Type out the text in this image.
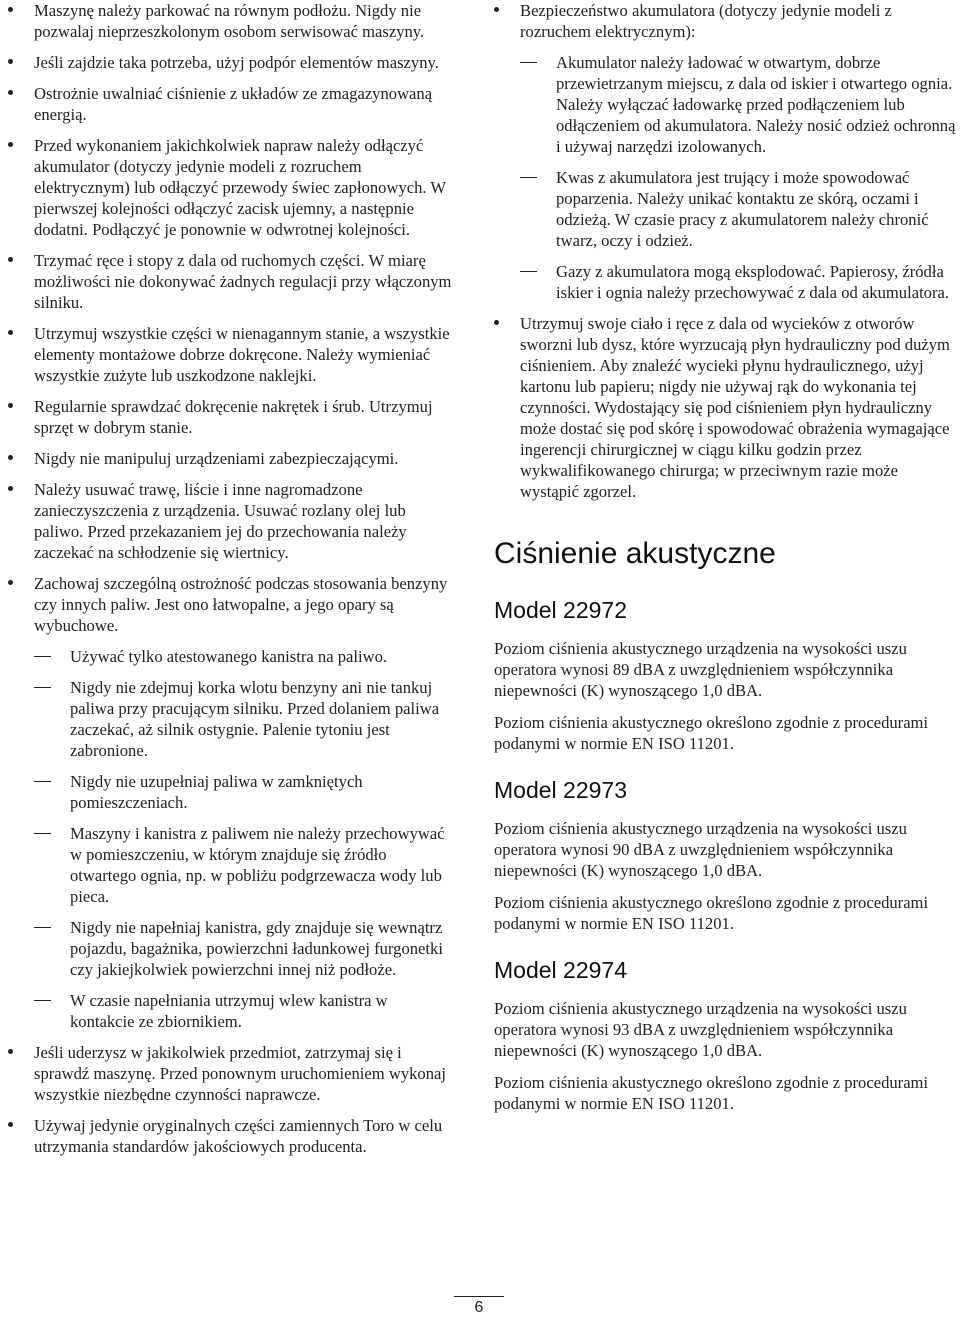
Maszynę należy parkować na równym podłożu. Nigdy nie pozwalaj nieprzeszkolonym osobom serwisować maszyny.
Jeśli zajdzie taka potrzeba, użyj podpór elementów maszyny.
Ostrożnie uwalniać ciśnienie z układów ze zmagazynowaną energią.
Przed wykonaniem jakichkolwiek napraw należy odłączyć akumulator (dotyczy jedynie modeli z rozruchem elektrycznym) lub odłączyć przewody świec zapłonowych. W pierwszej kolejności odłączyć zacisk ujemny, a następnie dodatni. Podłączyć je ponownie w odwrotnej kolejności.
Trzymać ręce i stopy z dala od ruchomych części. W miarę możliwości nie dokonywać żadnych regulacji przy włączonym silniku.
Utrzymuj wszystkie części w nienagannym stanie, a wszystkie elementy montażowe dobrze dokręcone. Należy wymieniać wszystkie zużyte lub uszkodzone naklejki.
Regularnie sprawdzać dokręcenie nakrętek i śrub. Utrzymuj sprzęt w dobrym stanie.
Nigdy nie manipuluj urządzeniami zabezpieczającymi.
Należy usuwać trawę, liście i inne nagromadzone zanieczyszczenia z urządzenia. Usuwać rozlany olej lub paliwo. Przed przekazaniem jej do przechowania należy zaczekać na schłodzenie się wiertnicy.
Zachowaj szczególną ostrożność podczas stosowania benzyny czy innych paliw. Jest ono łatwopalne, a jego opary są wybuchowe.
Używać tylko atestowanego kanistra na paliwo.
Nigdy nie zdejmuj korka wlotu benzyny ani nie tankuj paliwa przy pracującym silniku. Przed dolaniem paliwa zaczekać, aż silnik ostygnie. Palenie tytoniu jest zabronione.
Nigdy nie uzupełniaj paliwa w zamkniętych pomieszczeniach.
Maszyny i kanistra z paliwem nie należy przechowywać w pomieszczeniu, w którym znajduje się źródło otwartego ognia, np. w pobliżu podgrzewacza wody lub pieca.
Nigdy nie napełniaj kanistra, gdy znajduje się wewnątrz pojazdu, bagażnika, powierzchni ładunkowej furgonetki czy jakiejkolwiek powierzchni innej niż podłoże.
W czasie napełniania utrzymuj wlew kanistra w kontakcie ze zbiornikiem.
Jeśli uderzysz w jakikolwiek przedmiot, zatrzymaj się i sprawdź maszynę. Przed ponownym uruchomieniem wykonaj wszystkie niezbędne czynności naprawcze.
Używaj jedynie oryginalnych części zamiennych Toro w celu utrzymania standardów jakościowych producenta.
Bezpieczeństwo akumulatora (dotyczy jedynie modeli z rozruchem elektrycznym):
Akumulator należy ładować w otwartym, dobrze przewietrzanym miejscu, z dala od iskier i otwartego ognia. Należy wyłączać ładowarkę przed podłączeniem lub odłączeniem od akumulatora. Należy nosić odzież ochronną i używaj narzędzi izolowanych.
Kwas z akumulatora jest trujący i może spowodować poparzenia. Należy unikać kontaktu ze skórą, oczami i odzieżą. W czasie pracy z akumulatorem należy chronić twarz, oczy i odzież.
Gazy z akumulatora mogą eksplodować. Papierosy, źródła iskier i ognia należy przechowywać z dala od akumulatora.
Utrzymuj swoje ciało i ręce z dala od wycieków z otworów sworzni lub dysz, które wyrzucają płyn hydrauliczny pod dużym ciśnieniem. Aby znaleźć wycieki płynu hydraulicznego, użyj kartonu lub papieru; nigdy nie używaj rąk do wykonania tej czynności. Wydostający się pod ciśnieniem płyn hydrauliczny może dostać się pod skórę i spowodować obrażenia wymagające ingerencji chirurgicznej w ciągu kilku godzin przez wykwalifikowanego chirurga; w przeciwnym razie może wystąpić zgorzel.
Ciśnienie akustyczne
Model 22972

Poziom ciśnienia akustycznego urządzenia na wysokości uszu operatora wynosi 89 dBA z uwzględnieniem współczynnika niepewności (K) wynoszącego 1,0 dBA.

Poziom ciśnienia akustycznego określono zgodnie z procedurami podanymi w normie EN ISO 11201.

Model 22973

Poziom ciśnienia akustycznego urządzenia na wysokości uszu operatora wynosi 90 dBA z uwzględnieniem współczynnika niepewności (K) wynoszącego 1,0 dBA.

Poziom ciśnienia akustycznego określono zgodnie z procedurami podanymi w normie EN ISO 11201.

Model 22974

Poziom ciśnienia akustycznego urządzenia na wysokości uszu operatora wynosi 93 dBA z uwzględnieniem współczynnika niepewności (K) wynoszącego 1,0 dBA.

Poziom ciśnienia akustycznego określono zgodnie z procedurami podanymi w normie EN ISO 11201.

6
